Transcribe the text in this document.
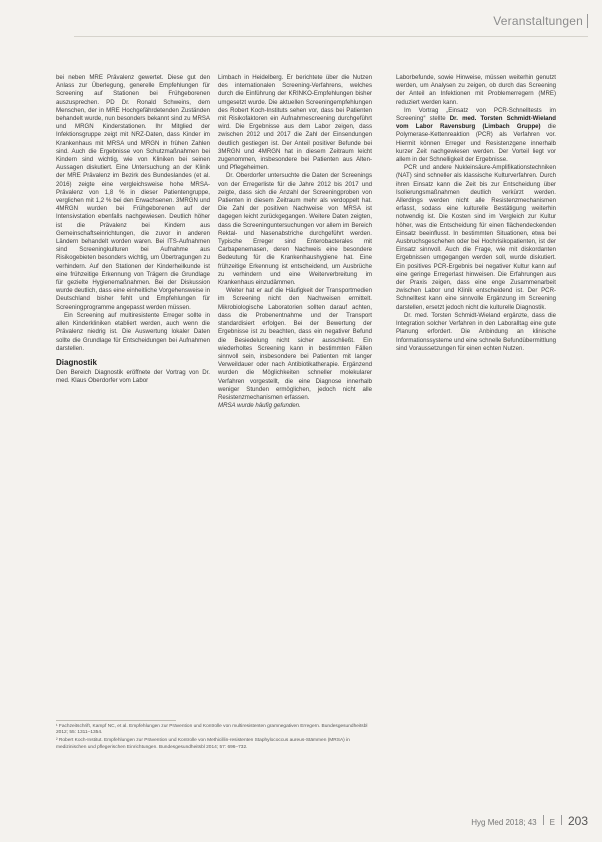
Veranstaltungen

bei neben MRE Prävalenz gewertet. Diese gut den Anlass zur Überlegung, generelle Empfehlungen für Screening auf Stationen bei Frühgeborenen auszusprechen. PD Dr. Ronald Schweins, dem Menschen, der in MRE Hochgefährdetenden Zuständen behandelt wurde, nun besonders bekannt sind zu MRSA und MRGN Kinderstationen. Ihr Mitglied der Infektionsgruppe zeigt mit NRZ-Daten, dass Kinder im Krankenhaus mit MRSA und MRGN in frühen Zahlen sind. Auch die Ergebnisse von Schutzmaßnahmen bei Kindern sind wichtig, wie von Kliniken bei seinen Aussagen diskutiert. Eine Untersuchung an der Klinik der MRE Prävalenz im Bezirk des Bundeslandes (et al. 2016) zeigte eine vergleichsweise hohe MRSA-Prävalenz von 1,8 % in dieser Patientengruppe, verglichen mit 1,2 % bei den Erwachsenen. 3MRGN und 4MRGN wurden bei Frühgeborenen auf der Intensivstation ebenfalls nachgewiesen. Deutlich höher ist die Prävalenz bei Kindern aus Gemeinschaftseinrichtungen, die zuvor in anderen Ländern behandelt worden waren. Bei ITS-Aufnahmen sind Screeningkulturen bei Aufnahme aus Risikogebieten besonders wichtig, um Übertragungen zu verhindern. Auf den Stationen der Kinderheilkunde ist eine frühzeitige Erkennung von Trägern die Grundlage für gezielte Hygienemaßnahmen. Bei der Diskussion wurde deutlich, dass eine einheitliche Vorgehensweise in Deutschland bisher fehlt und Empfehlungen für Screeningprogramme angepasst werden müssen.

Ein Screening auf multiresistente Erreger sollte in allen Kinderkliniken etabliert werden, auch wenn die Prävalenz niedrig ist. Die Auswertung lokaler Daten sollte die Grundlage für Entscheidungen bei Aufnahmen darstellen.

Diagnostik

Den Bereich Diagnostik eröffnete der Vortrag von Dr. med. Klaus Oberdorfer vom Labor

Limbach in Heidelberg. Er berichtete über die Nutzen des internationalen Screening-Verfahrens, welches durch die Einführung der KRINKO-Empfehlungen bisher umgesetzt wurde. Die aktuellen Screeningempfehlungen des Robert Koch-Instituts sehen vor, dass bei Patienten mit Risikofaktoren ein Aufnahmescreening durchgeführt wird. Die Ergebnisse aus dem Labor zeigen, dass zwischen 2012 und 2017 die Zahl der Einsendungen deutlich gestiegen ist. Der Anteil positiver Befunde bei 3MRGN und 4MRGN hat in diesem Zeitraum leicht zugenommen, insbesondere bei Patienten aus Alten- und Pflegeheimen.

Dr. Oberdorfer untersuchte die Daten der Screenings von der Erregerliste für die Jahre 2012 bis 2017 und zeigte, dass sich die Anzahl der Screeningproben von Patienten in diesem Zeitraum mehr als verdoppelt hat. Die Zahl der positiven Nachweise von MRSA ist dagegen leicht zurückgegangen. Weitere Daten zeigten, dass die Screeninguntersuchungen vor allem im Bereich Rektal- und Nasenabstriche durchgeführt werden. Typische Erreger sind Enterobacterales mit Carbapenemasen, deren Nachweis eine besondere Bedeutung für die Krankenhaushygiene hat. Eine frühzeitige Erkennung ist entscheidend, um Ausbrüche zu verhindern und eine Weiterverbreitung im Krankenhaus einzudämmen.

Weiter hat er auf die Häufigkeit der Transportmedien im Screening nicht den Nachweisen ermittelt. Mikrobiologische Laboratorien sollten darauf achten, dass die Probenentnahme und der Transport standardisiert erfolgen. Bei der Bewertung der Ergebnisse ist zu beachten, dass ein negativer Befund die Besiedelung nicht sicher ausschließt. Ein wiederholtes Screening kann in bestimmten Fällen sinnvoll sein, insbesondere bei Patienten mit langer Verweildauer oder nach Antibiotikatherapie. Ergänzend wurden die Möglichkeiten schneller molekularer Verfahren vorgestellt, die eine Diagnose innerhalb weniger Stunden ermöglichen, jedoch nicht alle Resistenzmechanismen erfassen.

MRSA wurde häufig gefunden.

Laborbefunde, sowie Hinweise, müssen weiterhin genutzt werden, um Analysen zu zeigen, ob durch das Screening der Anteil an Infektionen mit Problemerregern (MRE) reduziert werden kann.

Im Vortrag „Einsatz von PCR-Schnelltests im Screening“ stellte Dr. med. Torsten Schmidt-Wieland vom Labor Ravensburg (Limbach Gruppe) die Polymerase-Kettenreaktion (PCR) als Verfahren vor. Hiermit können Erreger und Resistenzgene innerhalb kurzer Zeit nachgewiesen werden. Der Vorteil liegt vor allem in der Schnelligkeit der Ergebnisse.

PCR und andere Nukleinsäure-Amplifikationstechniken (NAT) sind schneller als klassische Kulturverfahren. Durch ihren Einsatz kann die Zeit bis zur Entscheidung über Isolierungsmaßnahmen deutlich verkürzt werden. Allerdings werden nicht alle Resistenzmechanismen erfasst, sodass eine kulturelle Bestätigung weiterhin notwendig ist. Die Kosten sind im Vergleich zur Kultur höher, was die Entscheidung für einen flächendeckenden Einsatz beeinflusst. In bestimmten Situationen, etwa bei Ausbruchsgeschehen oder bei Hochrisikopatienten, ist der Einsatz sinnvoll. Auch die Frage, wie mit diskordanten Ergebnissen umgegangen werden soll, wurde diskutiert. Ein positives PCR-Ergebnis bei negativer Kultur kann auf eine geringe Erregerlast hinweisen. Die Erfahrungen aus der Praxis zeigen, dass eine enge Zusammenarbeit zwischen Labor und Klinik entscheidend ist. Der PCR-Schnelltest kann eine sinnvolle Ergänzung im Screening darstellen, ersetzt jedoch nicht die kulturelle Diagnostik.

Dr. med. Torsten Schmidt-Wieland ergänzte, dass die Integration solcher Verfahren in den Laboralltag eine gute Planung erfordert. Die Anbindung an klinische Informationssysteme und eine schnelle Befundübermittlung sind Voraussetzungen für einen echten Nutzen.

¹ Fachzeitschrift, Kampf NC, et al. Empfehlungen zur Prävention und Kontrolle von multiresistenten gramnegativen Erregern. Bundesgesundheitsbl 2012; 55: 1311–1354.

² Robert Koch-Institut. Empfehlungen zur Prävention und Kontrolle von Methicillin-resistenten Staphylococcus aureus-Stämmen (MRSA) in medizinischen und pflegerischen Einrichtungen. Bundesgesundheitsbl 2014; 57: 696–732.

Hyg Med 2018; 43 E 203
